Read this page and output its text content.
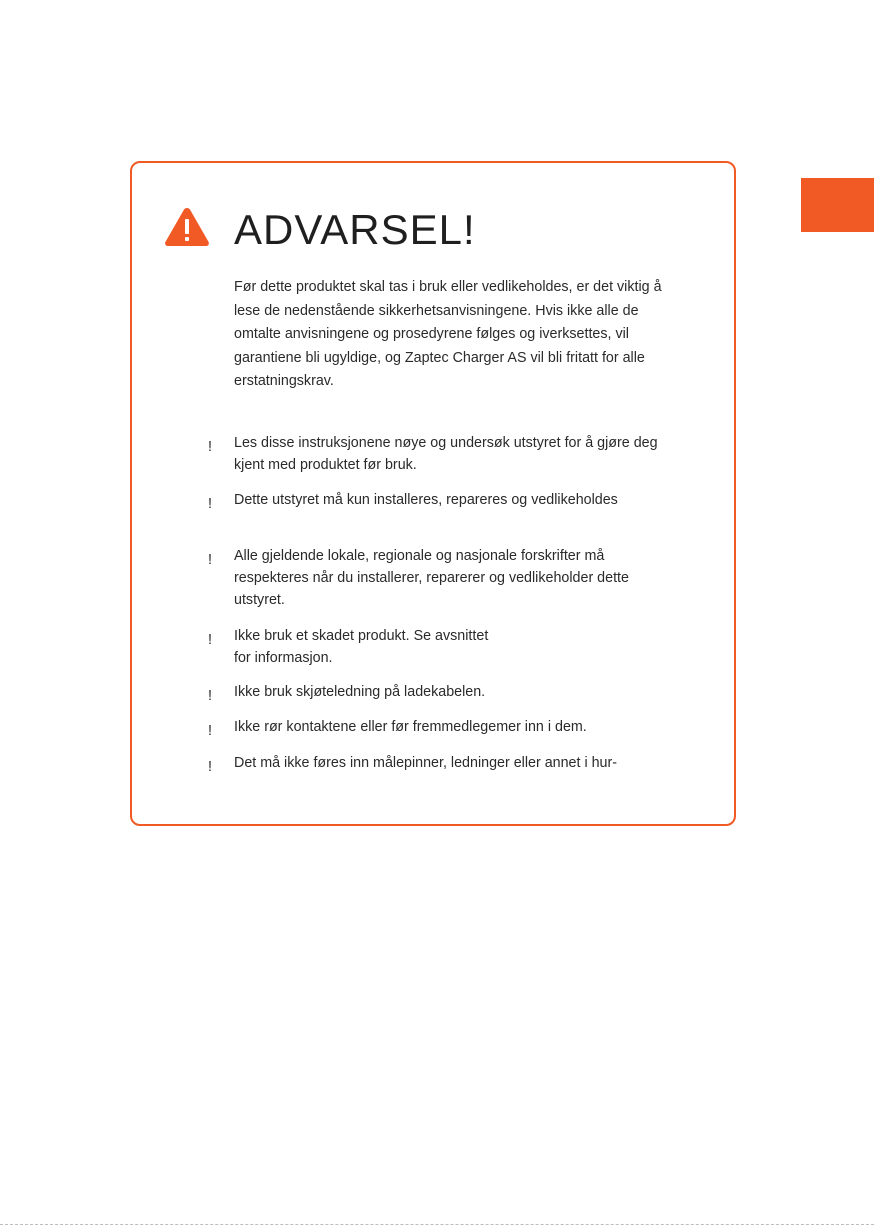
ADVARSEL!

Før dette produktet skal tas i bruk eller vedlikeholdes, er det viktig å lese de nedenstående sikkerhetsanvisningene. Hvis ikke alle de omtalte anvisningene og prosedyrene følges og iverksettes, vil garantiene bli ugyldige, og Zaptec Charger AS vil bli fritatt for alle erstatningskrav.

!	Les disse instruksjonene nøye og undersøk utstyret for å gjøre deg kjent med produktet før bruk.
!	Dette utstyret må kun installeres, repareres og vedlikeholdes
!	Alle gjeldende lokale, regionale og nasjonale forskrifter må respekteres når du installerer, reparerer og vedlikeholder dette utstyret.
!	Ikke bruk et skadet produkt. Se avsnittet
for informasjon.
!	Ikke bruk skjøteledning på ladekabelen.
!	Ikke rør kontaktene eller før fremmedlegemer inn i dem.
!	Det må ikke føres inn målepinner, ledninger eller annet i hur-
